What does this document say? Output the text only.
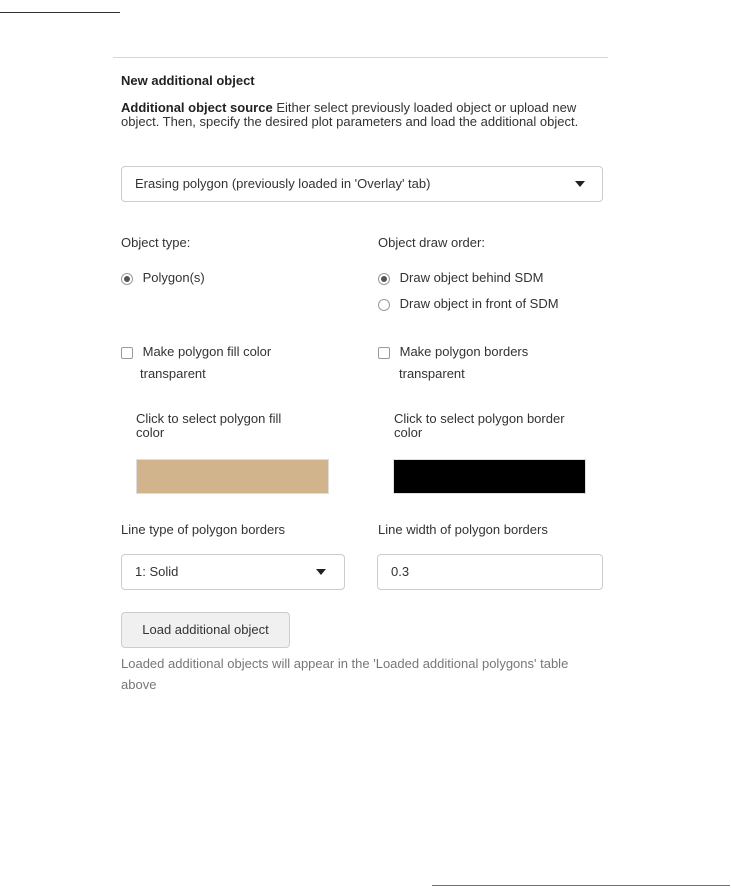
New additional object
Additional object source Either select previously loaded object or upload new object. Then, specify the desired plot parameters and load the additional object.
Erasing polygon (previously loaded in 'Overlay' tab)
Object type:
Polygon(s)
Object draw order:
Draw object behind SDM
Draw object in front of SDM
Make polygon fill color
transparent
Make polygon borders
transparent
Click to select polygon fill color
Click to select polygon border color
Line type of polygon borders
1: Solid
Line width of polygon borders
0.3
Load additional object
Loaded additional objects will appear in the 'Loaded additional polygons' table above
